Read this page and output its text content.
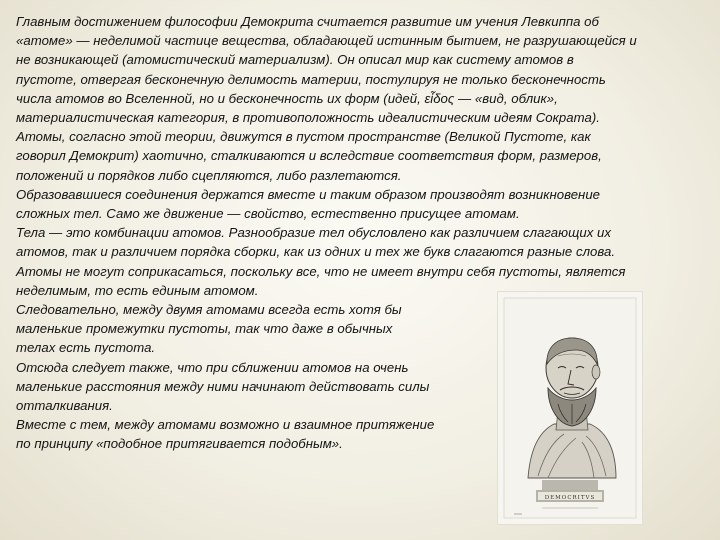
Главным достижением философии Демокрита считается развитие им учения Левкиппа об
«атоме» — неделимой частице вещества, обладающей истинным бытием, не разрушающейся и
не возникающей (атомистический материализм). Он описал мир как систему атомов в
пустоте, отвергая бесконечную делимость материи, постулируя не только бесконечность
числа атомов во Вселенной, но и бесконечность их форм (идей, εἶδος — «вид, облик»,
материалистическая категория, в противоположность идеалистическим идеям Сократа).
Атомы, согласно этой теории, движутся в пустом пространстве (Великой Пустоте, как
говорил Демокрит) хаотично, сталкиваются и вследствие соответствия форм, размеров,
положений и порядков либо сцепляются, либо разлетаются.
Образовавшиеся соединения держатся вместе и таким образом производят возникновение
сложных тел. Само же движение — свойство, естественно присущее атомам.
Тела — это комбинации атомов. Разнообразие тел обусловлено как различием слагающих их
атомов, так и различием порядка сборки, как из одних и тех же букв слагаются разные слова.
Атомы не могут соприкасаться, поскольку все, что не имеет внутри себя пустоты, является
неделимым, то есть единым атомом.
Следовательно, между двумя атомами всегда есть хотя бы
маленькие промежутки пустоты, так что даже в обычных
телах есть пустота.
Отсюда следует также, что при сближении атомов на очень
маленькие расстояния между ними начинают действовать силы
отталкивания.
Вместе с тем, между атомами возможно и взаимное притяжение
по принципу «подобное притягивается подобным».
DEMOCRITVS
